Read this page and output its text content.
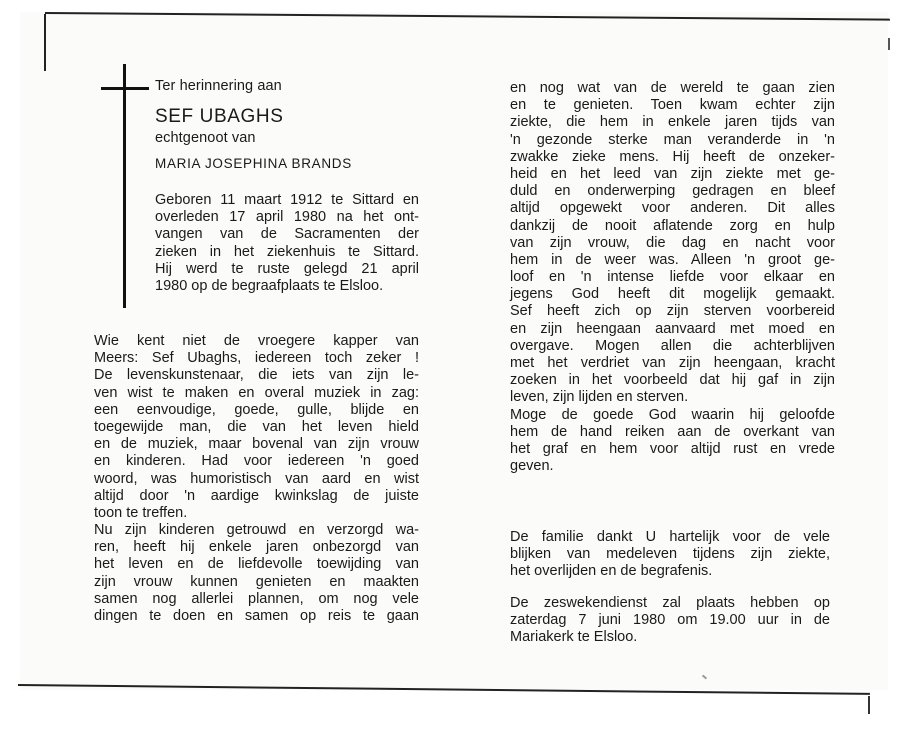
Ter herinnering aan

SEF UBAGHS

echtgenoot van

MARIA JOSEPHINA BRANDS

Geboren 11 maart 1912 te Sittard en
overleden 17 april 1980 na het ont-
vangen van de Sacramenten der
zieken in het ziekenhuis te Sittard.
Hij werd te ruste gelegd 21 april
1980 op de begraafplaats te Elsloo.
Wie kent niet de vroegere kapper van
Meers: Sef Ubaghs, iedereen toch zeker !
De levenskunstenaar, die iets van zijn le-
ven wist te maken en overal muziek in zag:
een eenvoudige, goede, gulle, blijde en
toegewijde man, die van het leven hield
en de muziek, maar bovenal van zijn vrouw
en kinderen. Had voor iedereen 'n goed
woord, was humoristisch van aard en wist
altijd door 'n aardige kwinkslag de juiste
toon te treffen.
Nu zijn kinderen getrouwd en verzorgd wa-
ren, heeft hij enkele jaren onbezorgd van
het leven en de liefdevolle toewijding van
zijn vrouw kunnen genieten en maakten
samen nog allerlei plannen, om nog vele
dingen te doen en samen op reis te gaan
en nog wat van de wereld te gaan zien
en te genieten. Toen kwam echter zijn
ziekte, die hem in enkele jaren tijds van
'n gezonde sterke man veranderde in 'n
zwakke zieke mens. Hij heeft de onzeker-
heid en het leed van zijn ziekte met ge-
duld en onderwerping gedragen en bleef
altijd opgewekt voor anderen. Dit alles
dankzij de nooit aflatende zorg en hulp
van zijn vrouw, die dag en nacht voor
hem in de weer was. Alleen 'n groot ge-
loof en 'n intense liefde voor elkaar en
jegens God heeft dit mogelijk gemaakt.
Sef heeft zich op zijn sterven voorbereid
en zijn heengaan aanvaard met moed en
overgave. Mogen allen die achterblijven
met het verdriet van zijn heengaan, kracht
zoeken in het voorbeeld dat hij gaf in zijn
leven, zijn lijden en sterven.
Moge de goede God waarin hij geloofde
hem de hand reiken aan de overkant van
het graf en hem voor altijd rust en vrede
geven.
De familie dankt U hartelijk voor de vele
blijken van medeleven tijdens zijn ziekte,
het overlijden en de begrafenis.
De zeswekendienst zal plaats hebben op
zaterdag 7 juni 1980 om 19.00 uur in de
Mariakerk te Elsloo.
